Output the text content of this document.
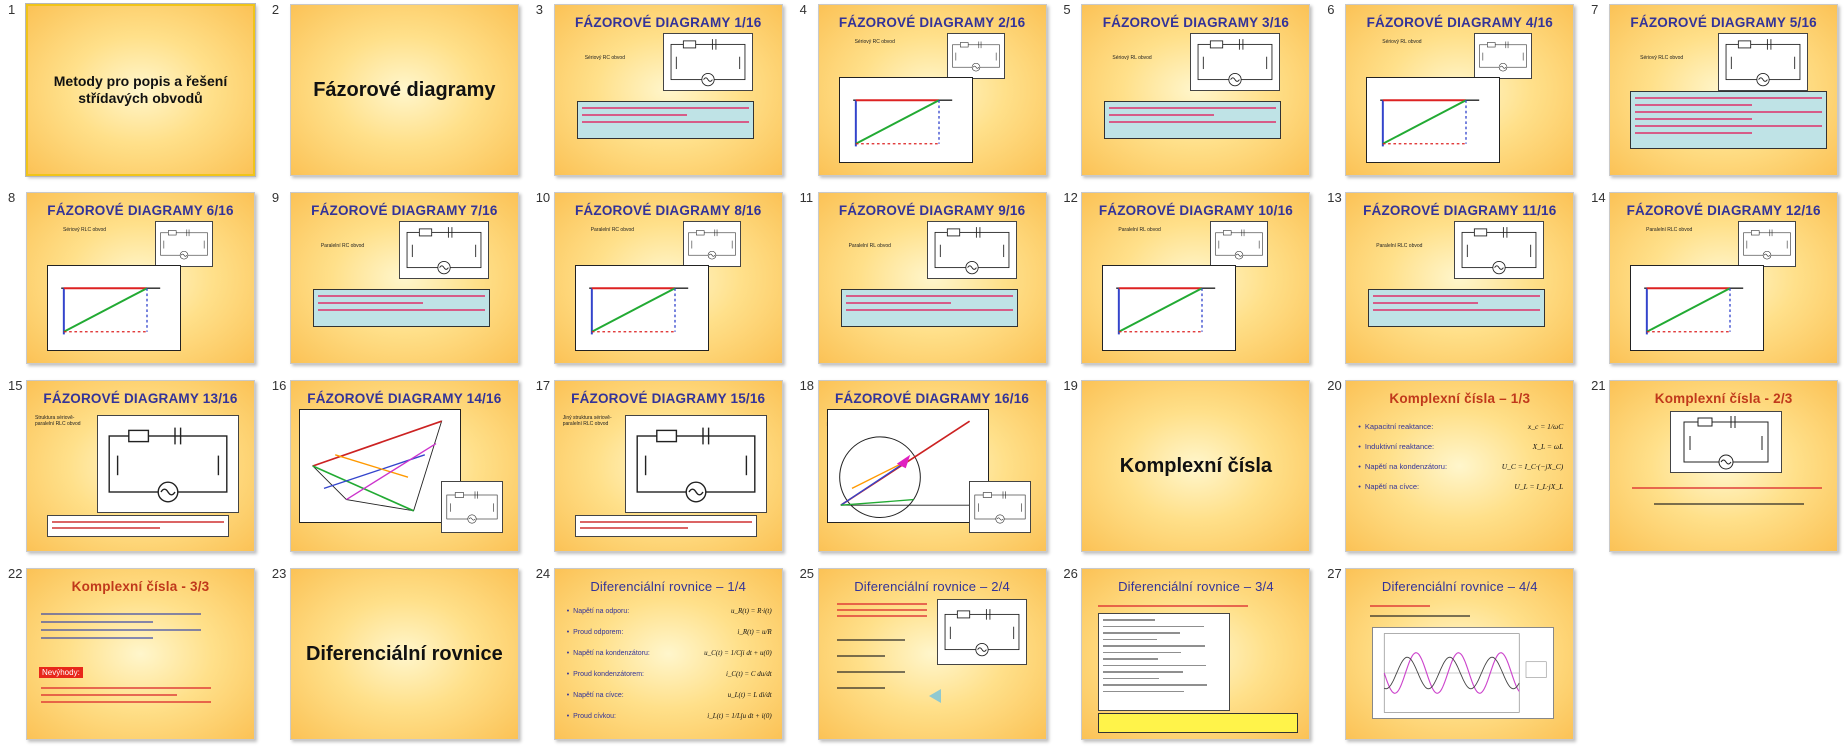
1
Metody pro popis a řešení střídavých obvodů
2
Fázorové diagramy
3
FÁZOROVÉ DIAGRAMY 1/16
Sériový RC obvod
4
FÁZOROVÉ DIAGRAMY 2/16
Sériový RC obvod
5
FÁZOROVÉ DIAGRAMY 3/16
Sériový RL obvod
6
FÁZOROVÉ DIAGRAMY 4/16
Sériový RL obvod
7
FÁZOROVÉ DIAGRAMY 5/16
Sériový RLC obvod
8
FÁZOROVÉ DIAGRAMY 6/16
Sériový RLC obvod
9
FÁZOROVÉ DIAGRAMY 7/16
Paralelní RC obvod
10
FÁZOROVÉ DIAGRAMY 8/16
Paralelní RC obvod
11
FÁZOROVÉ DIAGRAMY 9/16
Paralelní RL obvod
12
FÁZOROVÉ DIAGRAMY 10/16
Paralelní RL obvod
13
FÁZOROVÉ DIAGRAMY 11/16
Paralelní RLC obvod
14
FÁZOROVÉ DIAGRAMY 12/16
Paralelní RLC obvod
15
FÁZOROVÉ DIAGRAMY 13/16
Struktura sériově-paralelní RLC obvod
16
FÁZOROVÉ DIAGRAMY 14/16
17
FÁZOROVÉ DIAGRAMY 15/16
Jiný struktura sériově-paralelní RLC obvod
18
FÁZOROVÉ DIAGRAMY 16/16
19
Komplexní čísla
20
Komplexní čísla – 1/3
• Kapacitní reaktance:	x_c = 1/ωC
• Induktivní reaktance:	X_L = ωL
• Napětí na kondenzátoru:	U_C = I_C·(−jX_C)
• Napětí na cívce:	U_L = I_L·jX_L
21
Komplexní čísla - 2/3
22
Komplexní čísla - 3/3
Nevýhody:
23
Diferenciální rovnice
24
Diferenciální rovnice – 1/4
• Napětí na odporu:	u_R(t) = R·i(t)
• Proud odporem:	i_R(t) = u/R
• Napětí na kondenzátoru:	u_C(t) = 1/C∫i dt + u(0)
• Proud kondenzátorem:	i_C(t) = C du/dt
• Napětí na cívce:	u_L(t) = L di/dt
• Proud cívkou:	i_L(t) = 1/L∫u dt + i(0)
25
Diferenciální rovnice – 2/4
26
Diferenciální rovnice – 3/4
27
Diferenciální rovnice – 4/4
